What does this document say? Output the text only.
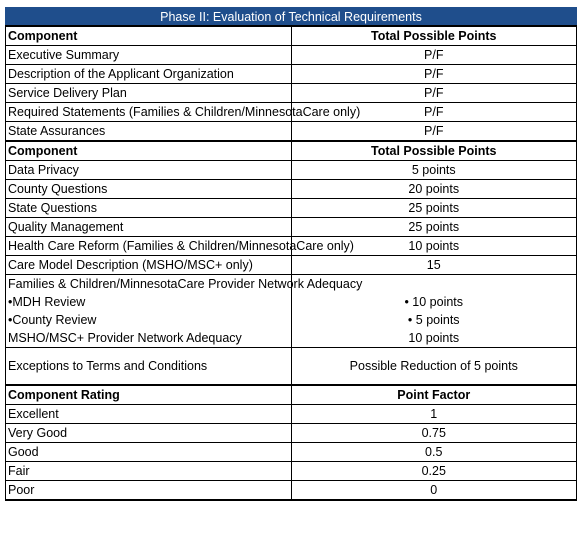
Phase II: Evaluation of Technical Requirements	
Component	Total Possible Points
Executive Summary	P/F
Description of the Applicant Organization	P/F
Service Delivery Plan	P/F
Required Statements (Families & Children/MinnesotaCare only)	P/F
State Assurances	P/F
Component	Total Possible Points
Data Privacy	5 points
County Questions	20 points
State Questions	25 points
Quality Management	25 points
Health Care Reform (Families & Children/MinnesotaCare only)	10 points
Care Model Description (MSHO/MSC+ only)	15
Families & Children/MinnesotaCare Provider Network Adequacy	
•MDH Review	• 10 points
•County Review	• 5 points
MSHO/MSC+ Provider Network Adequacy	10 points
Exceptions to Terms and Conditions	Possible Reduction of 5 points
Component Rating	Point Factor
Excellent	1
Very Good	0.75
Good	0.5
Fair	0.25
Poor	0
